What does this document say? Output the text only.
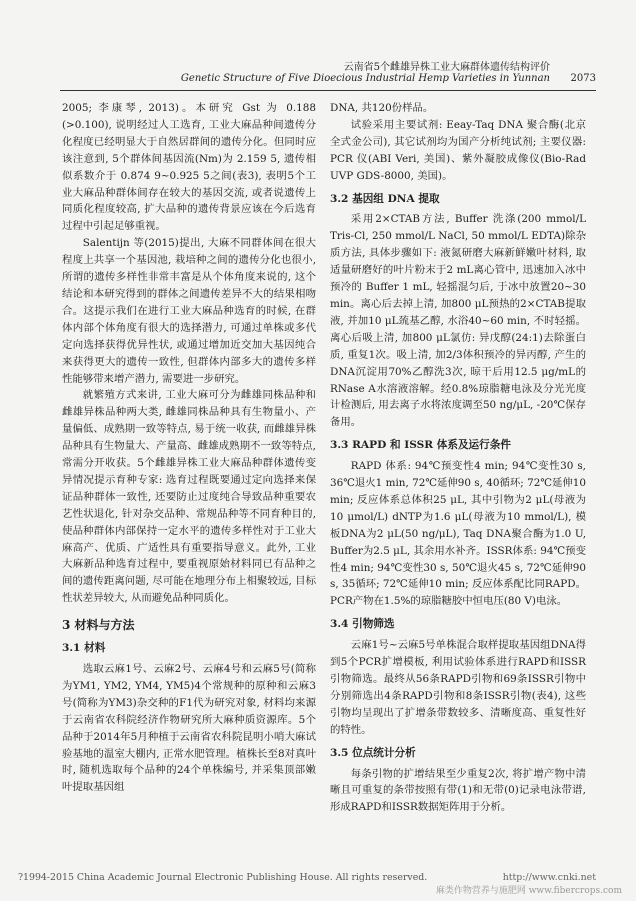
云南省5个雌雄异株工业大麻群体遗传结构评价
Genetic Structure of Five Dioecious Industrial Hemp Varieties in Yunnan 2073

2005; 李康琴, 2013)。本研究 Gst 为 0.188 (>0.100), 说明经过人工选育, 工业大麻品种间遗传分化程度已经明显大于自然居群间的遗传分化。但同时应该注意到, 5个群体间基因流(Nm)为 2.159 5, 遗传相似系数介于 0.874 9~0.925 5之间(表3), 表明5个工业大麻品种群体间存在较大的基因交流, 或者说遗传上同质化程度较高, 扩大品种的遗传背景应该在今后选育过程中引起足够重视。

Salentijn 等(2015)提出, 大麻不同群体间在很大程度上共享一个基因池, 栽培种之间的遗传分化也很小, 所谓的遗传多样性非常丰富是从个体角度来说的, 这个结论和本研究得到的群体之间遗传差异不大的结果相吻合。这提示我们在进行工业大麻品种选育的时候, 在群体内部个体角度有很大的选择潜力, 可通过单株或多代定向选择获得优异性状, 或通过增加近交加大基因纯合来获得更大的遗传一致性, 但群体内部多大的遗传多样性能够带来增产潜力, 需要进一步研究。

就繁殖方式来讲, 工业大麻可分为雌雄同株品种和雌雄异株品种两大类, 雌雄同株品种具有生物量小、产量偏低、成熟期一致等特点, 易于统一收获, 而雌雄异株品种具有生物量大、产量高、雌雄成熟期不一致等特点, 常需分开收获。5个雌雄异株工业大麻品种群体遗传变异情况提示育种专家: 选育过程既要通过定向选择来保证品种群体一致性, 还要防止过度纯合导致品种重要农艺性状退化, 针对杂交品种、常规品种等不同育种目的, 使品种群体内部保持一定水平的遗传多样性对于工业大麻高产、优质、广适性具有重要指导意义。此外, 工业大麻新品种选育过程中, 要重视原始材料同已有品种之间的遗传距离问题, 尽可能在地理分布上相聚较远, 目标性状差异较大, 从而避免品种同质化。

3 材料与方法
3.1 材料

选取云麻1号、云麻2号、云麻4号和云麻5号(简称为YM1, YM2, YM4, YM5)4个常规种的原种和云麻3号(简称为YM3)杂交种的F1代为研究对象, 材料均来源于云南省农科院经济作物研究所大麻种质资源库。5个品种于2014年5月种植于云南省农科院昆明小哨大麻试验基地的温室大棚内, 正常水肥管理。植株长至8对真叶时, 随机选取每个品种的24个单株编号, 并采集顶部嫩叶提取基因组

DNA, 共120份样品。

试验采用主要试剂: Eeay-Taq DNA 聚合酶(北京全式金公司), 其它试剂均为国产分析纯试剂; 主要仪器: PCR 仪(ABI Veri, 美国)、紫外凝胶成像仪(Bio-Rad UVP GDS-8000, 美国)。

3.2 基因组 DNA 提取

采用2×CTAB方法, Buffer 洗涤(200 mmol/L Tris-Cl, 250 mmol/L NaCl, 50 mmol/L EDTA)除杂质方法, 具体步骤如下: 液氮研磨大麻新鲜嫩叶材料, 取适量研磨好的叶片粉末于2 mL离心管中, 迅速加入冰中预冷的 Buffer 1 mL, 轻摇混匀后, 于冰中放置20~30 min。离心后去掉上清, 加800 μL预热的2×CTAB提取液, 并加10 μL巯基乙醇, 水浴40~60 min, 不时轻摇。离心后吸上清, 加800 μL氯仿: 异戊醇(24:1)去除蛋白质, 重复1次。吸上清, 加2/3体积预冷的异丙醇, 产生的DNA沉淀用70%乙醇洗3次, 晾干后用12.5 μg/mL的RNase A水溶液溶解。经0.8%琼脂糖电泳及分光光度计检测后, 用去离子水将浓度调至50 ng/μL, -20℃保存备用。

3.3 RAPD 和 ISSR 体系及运行条件

RAPD 体系: 94℃预变性4 min; 94℃变性30 s, 36℃退火1 min, 72℃延伸90 s, 40循环; 72℃延伸10 min; 反应体系总体积25 μL, 其中引物为2 μL(母液为10 μmol/L) dNTP为1.6 μL(母液为10 mmol/L), 模板DNA为2 μL(50 ng/μL), Taq DNA聚合酶为1.0 U, Buffer为2.5 μL, 其余用水补齐。ISSR体系: 94℃预变性4 min; 94℃变性30 s, 50℃退火45 s, 72℃延伸90 s, 35循环; 72℃延伸10 min; 反应体系配比同RAPD。PCR产物在1.5%的琼脂糖胶中恒电压(80 V)电泳。

3.4 引物筛选

云麻1号~云麻5号单株混合取样提取基因组DNA得到5个PCR扩增模板, 利用试验体系进行RAPD和ISSR引物筛选。最终从56条RAPD引物和69条ISSR引物中分别筛选出4条RAPD引物和8条ISSR引物(表4), 这些引物均呈现出了扩增条带数较多、清晰度高、重复性好的特性。

3.5 位点统计分析

每条引物的扩增结果至少重复2次, 将扩增产物中清晰且可重复的条带按照有带(1)和无带(0)记录电泳带谱, 形成RAPD和ISSR数据矩阵用于分析。

?1994-2015 China Academic Journal Electronic Publishing House. All rights reserved.	http://www.cnki.net
麻类作物营养与施肥网 www.fibercrops.com
